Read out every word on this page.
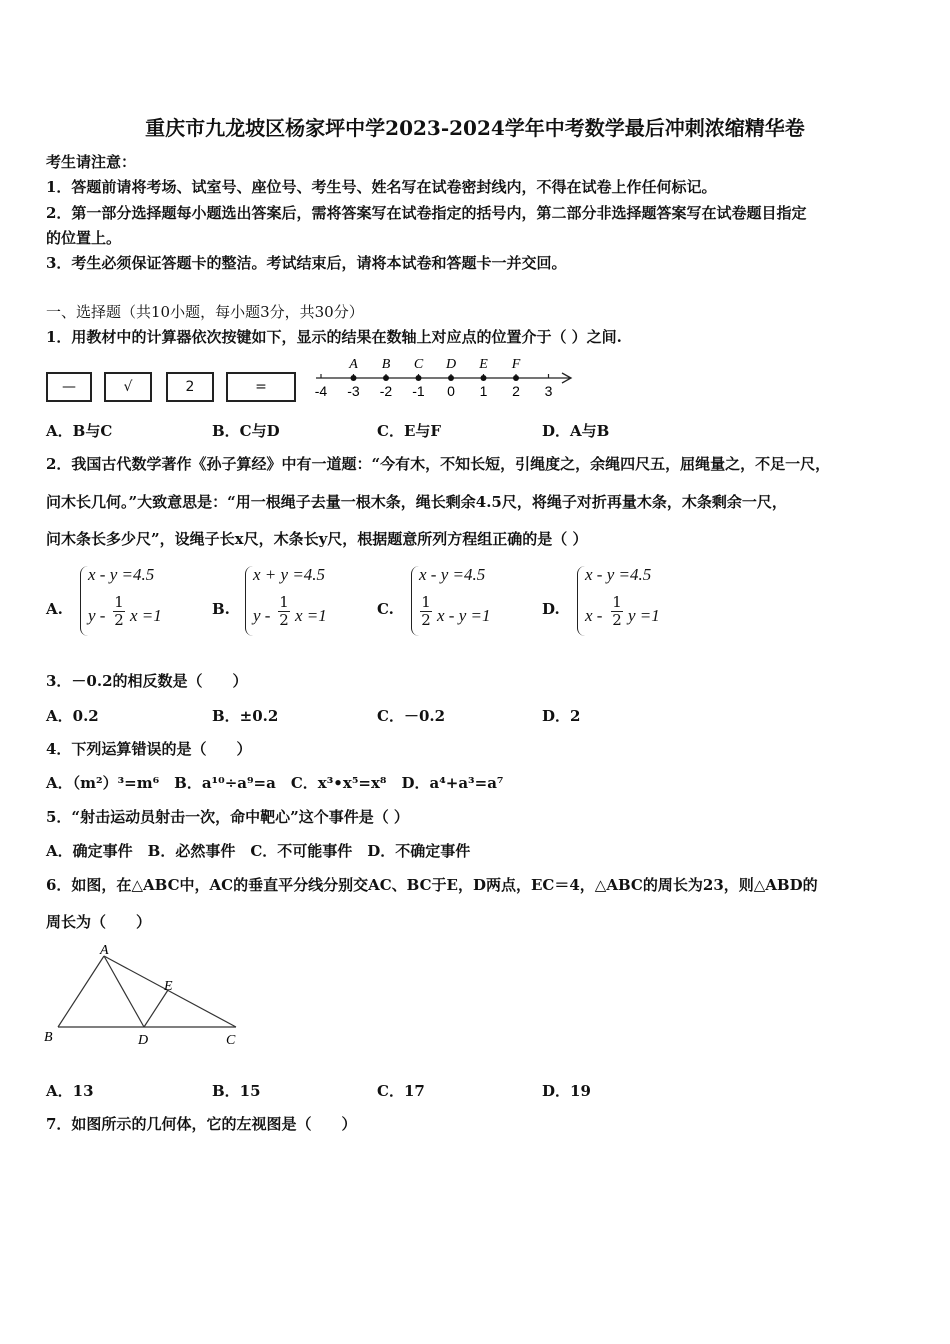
重庆市九龙坡区杨家坪中学2023-2024学年中考数学最后冲刺浓缩精华卷
考生请注意：
1．答题前请将考场、试室号、座位号、考生号、姓名写在试卷密封线内，不得在试卷上作任何标记。
2．第一部分选择题每小题选出答案后，需将答案写在试卷指定的括号内，第二部分非选择题答案写在试卷题目指定
的位置上。
3．考生必须保证答题卡的整洁。考试结束后，请将本试卷和答题卡一并交回。
一、选择题（共10小题，每小题3分，共30分）
1．用教材中的计算器依次按键如下，显示的结果在数轴上对应点的位置介于（ ）之间.
—	√	2	=	-4 -3 -2 -1 0 1 2 3
A B C D E F
A．B与C	B．C与D	C．E与F	D．A与B
2．我国古代数学著作《孙子算经》中有一道题：“今有木，不知长短，引绳度之，余绳四尺五，屈绳量之，不足一尺，
问木长几何。”大致意思是：“用一根绳子去量一根木条，绳长剩余4.5尺，将绳子对折再量木条，木条剩余一尺，
问木条长多少尺”，设绳子长x尺，木条长y尺，根据题意所列方程组正确的是（ ）
A.
x - y =4.5
y -
1
2 x =1	B.
x + y =4.5
y -
1
2 x =1	C.
x - y =4.5
1
2 x - y =1	D.
x - y =4.5
x -
1
2 y =1
3．－0.2的相反数是（　　）
A．0.2	B．±0.2	C．－0.2	D．2
4．下列运算错误的是（　　）
A．（m²）³=m⁶　B．a¹⁰÷a⁹=a　C．x³•x⁵=x⁸　D．a⁴+a³=a⁷
5．“射击运动员射击一次，命中靶心”这个事件是（ ）
A．确定事件　B．必然事件　C．不可能事件　D．不确定事件
6．如图，在△ABC中，AC的垂直平分线分别交AC、BC于E，D两点，EC＝4，△ABC的周长为23，则△ABD的
周长为（　　）
A
E
B	D	C
A．13	B．15	C．17	D．19
7．如图所示的几何体，它的左视图是（　　）
